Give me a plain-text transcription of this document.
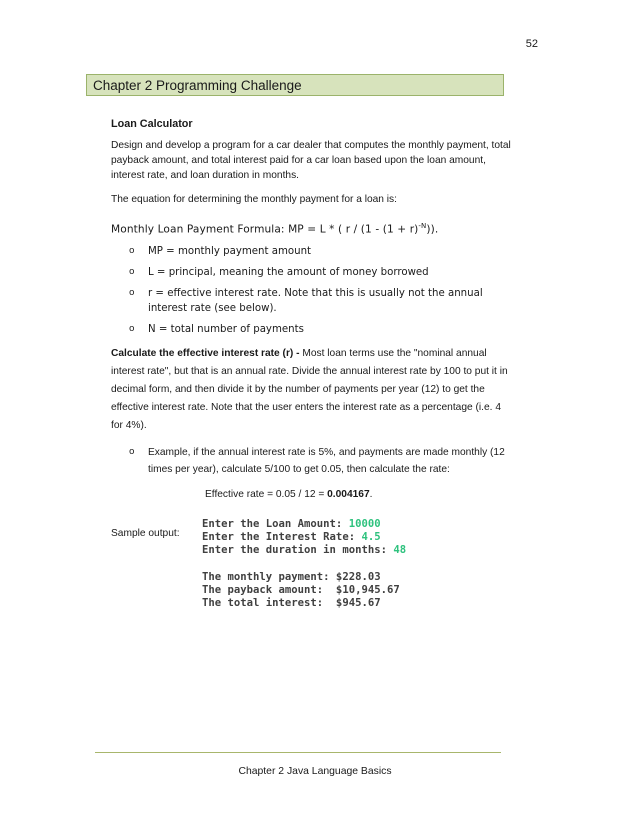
52
Chapter 2 Programming Challenge
Loan Calculator

Design and develop a program for a car dealer that computes the monthly payment, total payback amount, and total interest paid for a car loan based upon the loan amount, interest rate, and loan duration in months.

The equation for determining the monthly payment for a loan is:

Monthly Loan Payment Formula: MP = L * ( $r / (1 - (1 + r)^{-N})$).
o MP = monthly payment amount
o L = principal, meaning the amount of money borrowed
o r = effective interest rate. Note that this is usually not the annual interest rate (see below).
o N = total number of payments

Calculate the effective interest rate (r) - Most loan terms use the "nominal annual interest rate", but that is an annual rate. Divide the annual interest rate by 100 to put it in decimal form, and then divide it by the number of payments per year (12) to get the effective interest rate. Note that the user enters the interest rate as a percentage (i.e. 4 for 4%).

o Example, if the annual interest rate is 5%, and payments are made monthly (12 times per year), calculate 5/100 to get 0.05, then calculate the rate:
Effective rate = 0.05 / 12 = 0.004167.
Sample output:
Enter the Loan Amount: 10000
Enter the Interest Rate: 4.5
Enter the duration in months: 48
The monthly payment: $228.03
The payback amount:  $10,945.67
The total interest:  $945.67
Chapter 2 Java Language Basics
